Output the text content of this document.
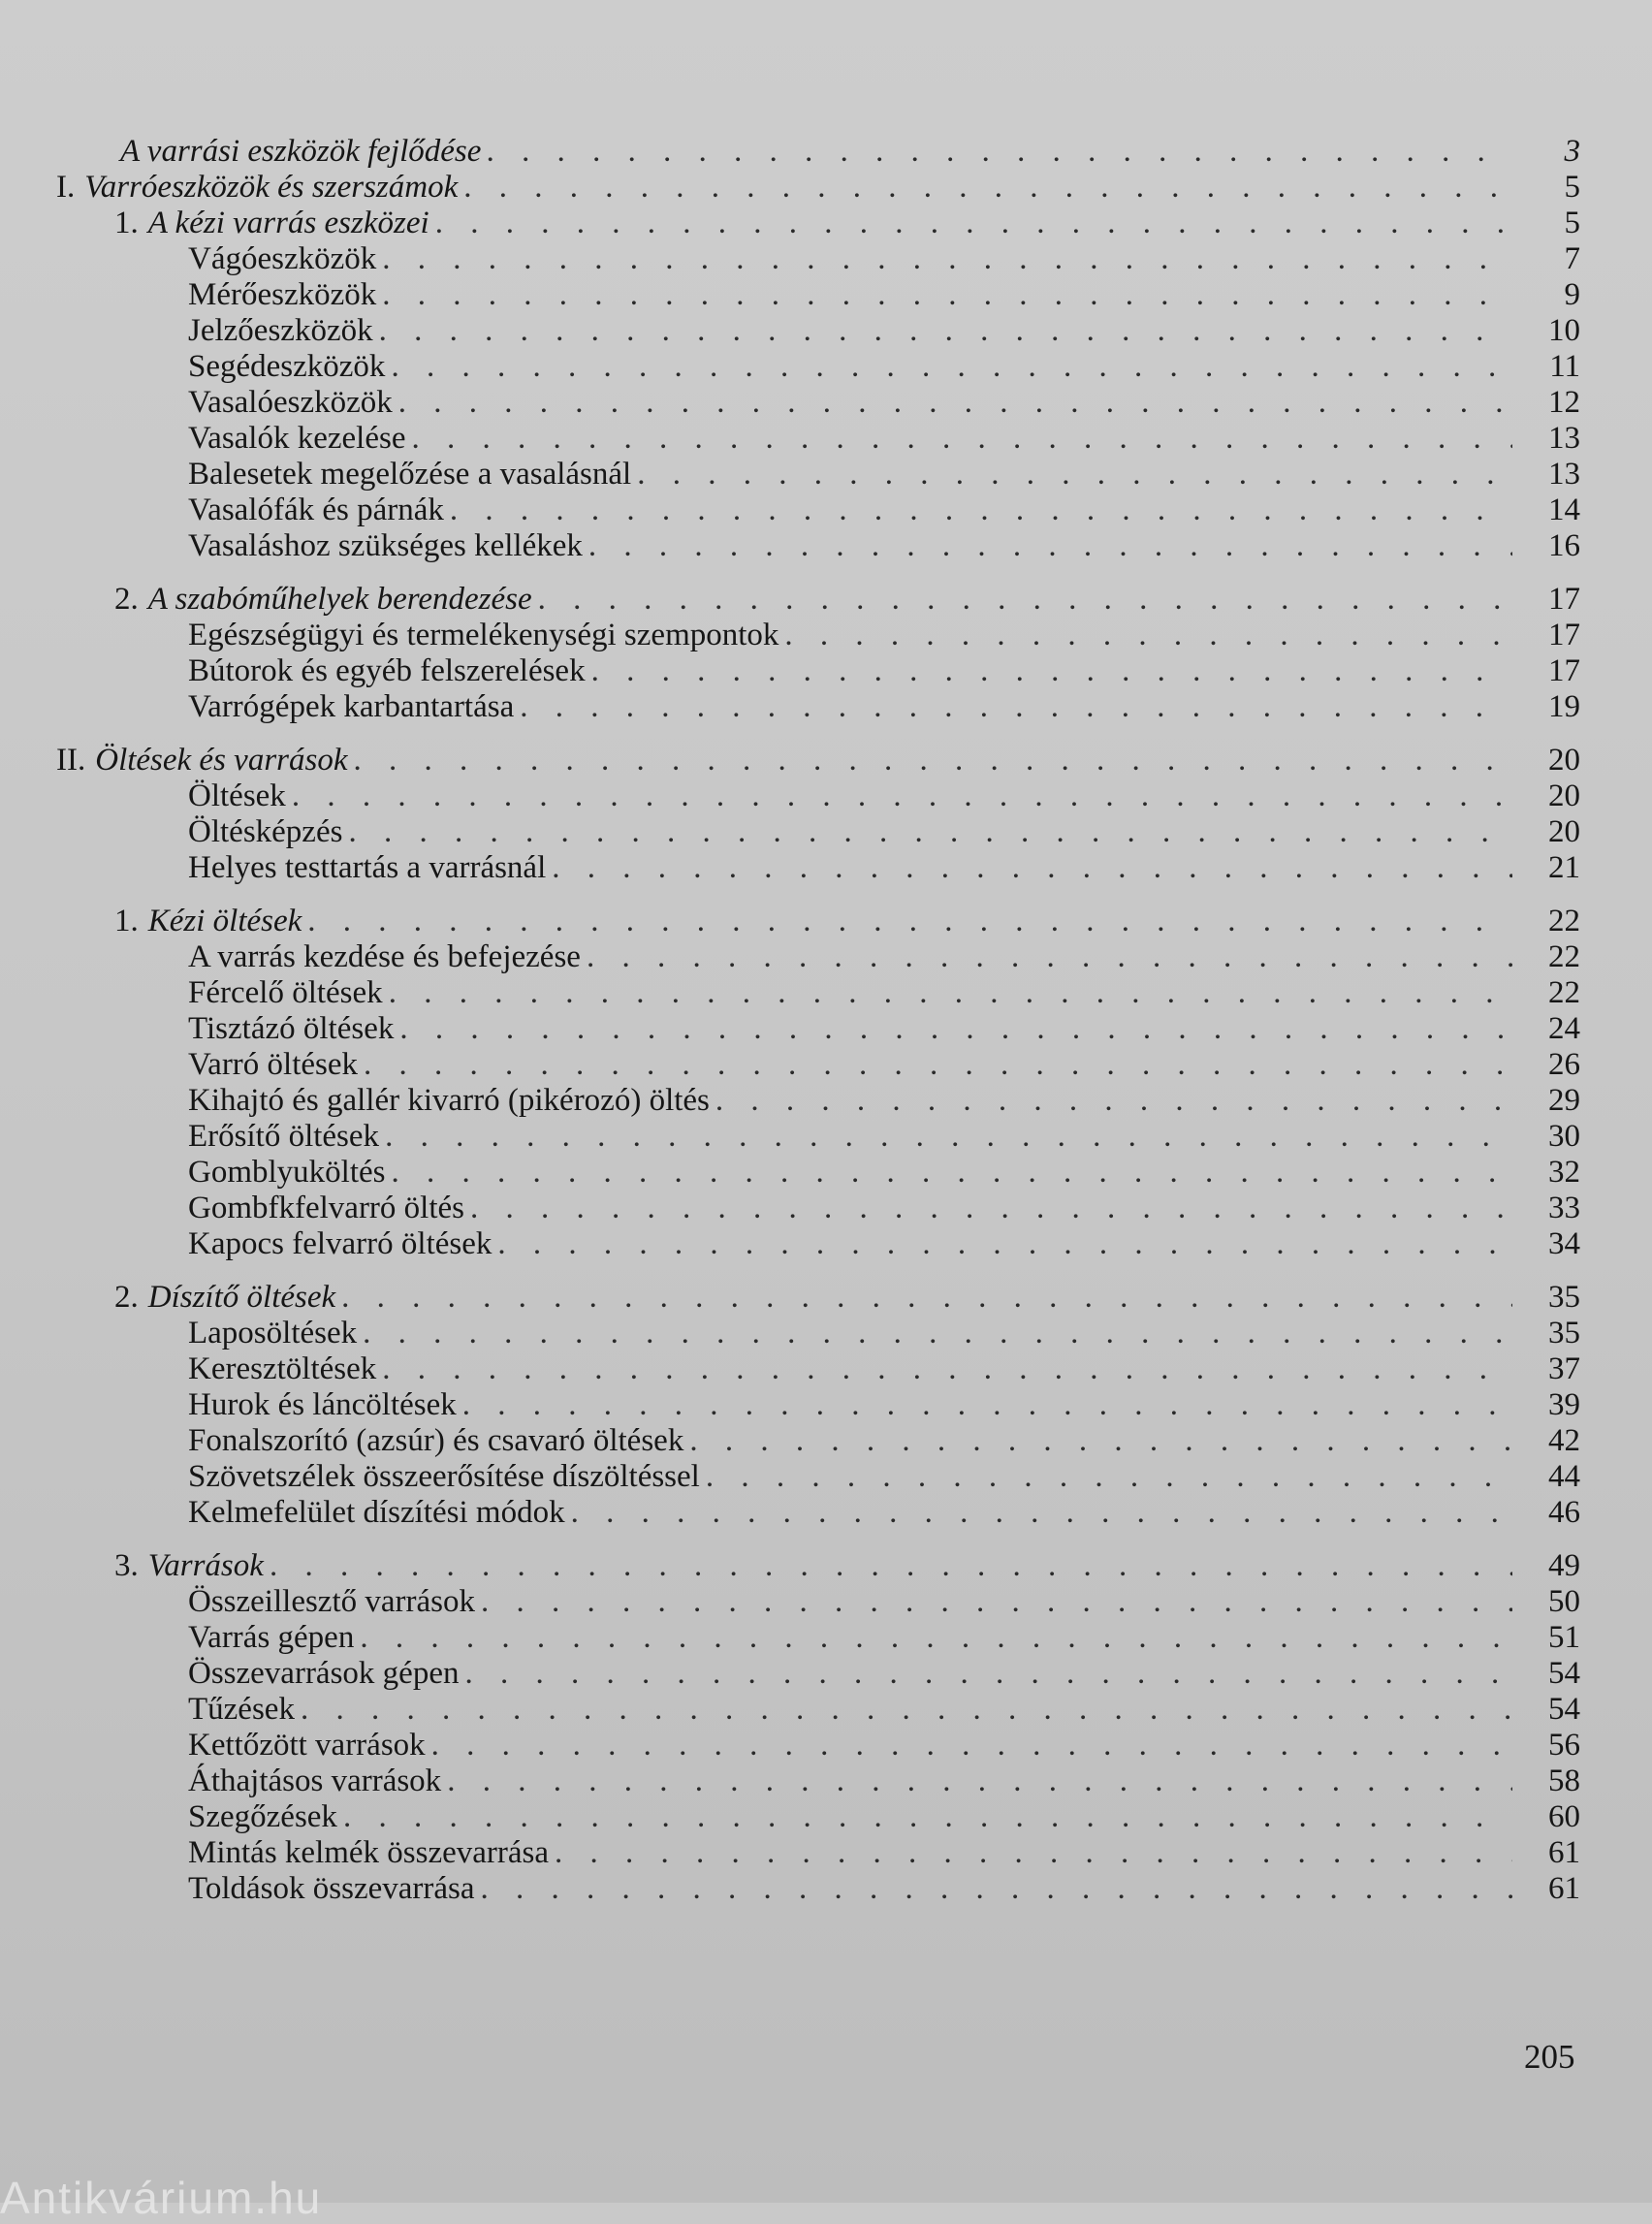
A varrási eszközök fejlődése . . .	3
I. Varróeszközök és szerszámok . . .	5
1. A kézi varrás eszközei . . .	5
Vágóeszközök . . .	7
Mérőeszközök . . .	9
Jelzőeszközök . . .	10
Segédeszközök . . .	11
Vasalóeszközök . . .	12
Vasalók kezelése . . .	13
Balesetek megelőzése a vasalásnál . . .	13
Vasalófák és párnák . . .	14
Vasaláshoz szükséges kellékek . . .	16
2. A szabóműhelyek berendezése . . .	17
Egészségügyi és termelékenységi szempontok . . .	17
Bútorok és egyéb felszerelések . . .	17
Varrógépek karbantartása . . .	19
II. Öltések és varrások . . .	20
Öltések . . .	20
Öltésképzés . . .	20
Helyes testtartás a varrásnál . . .	21
1. Kézi öltések . . .	22
A varrás kezdése és befejezése . . .	22
Fércelő öltések . . .	22
Tisztázó öltések . . .	24
Varró öltések . . .	26
Kihajtó és gallér kivarró (pikérozó) öltés . . .	29
Erősítő öltések . . .	30
Gomblyuköltés . . .	32
Gombfkfelvarró öltés . . .	33
Kapocs felvarró öltések . . .	34
2. Díszítő öltések . . .	35
Laposöltések . . .	35
Keresztöltések . . .	37
Hurok és láncöltések . . .	39
Fonalszorító (azsúr) és csavaró öltések . . .	42
Szövetszélek összeerősítése díszöltéssel . . .	44
Kelmefelület díszítési módok . . .	46
3. Varrások . . .	49
Összeillesztő varrások . . .	50
Varrás gépen . . .	51
Összevarrások gépen . . .	54
Tűzések . . .	54
Kettőzött varrások . . .	56
Áthajtásos varrások . . .	58
Szegőzések . . .	60
Mintás kelmék összevarrása . . .	61
Toldások összevarrása . . .	61
205
Antikvárium.hu
